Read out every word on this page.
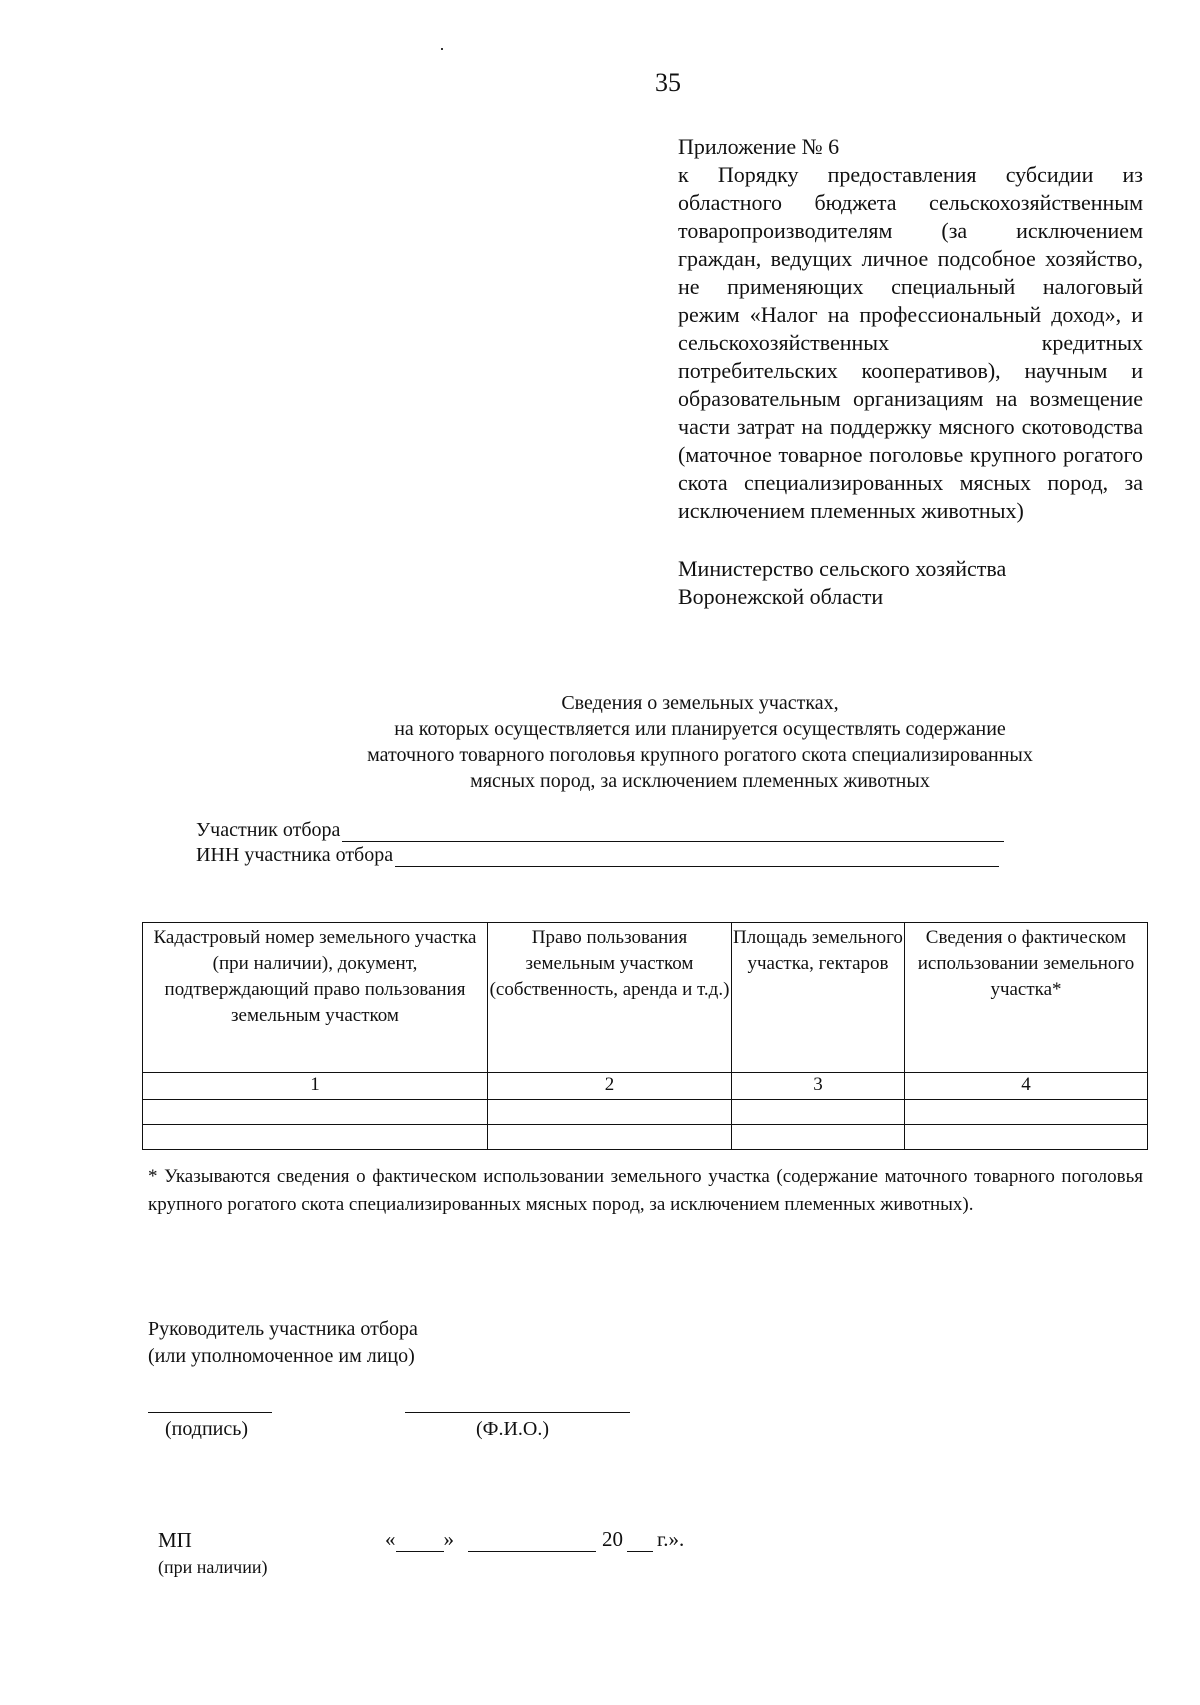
35
Приложение № 6
к Порядку предоставления субсидии из областного бюджета сельскохозяйственным товаропроизводителям (за исключением граждан, ведущих личное подсобное хозяйство, не применяющих специальный налоговый режим «Налог на профессиональный доход», и сельскохозяйственных кредитных потребительских кооперативов), научным и образовательным организациям на возмещение части затрат на поддержку мясного скотоводства (маточное товарное поголовье крупного рогатого скота специализированных мясных пород, за исключением племенных животных)
Министерство сельского хозяйства
Воронежской области
Сведения о земельных участках,
на которых осуществляется или планируется осуществлять содержание
маточного товарного поголовья крупного рогатого скота специализированных
мясных пород, за исключением племенных животных
Участник отбора
ИНН участника отбора
Кадастровый номер земельного участка (при наличии), документ, подтверждающий право пользования земельным участком	Право пользования земельным участком (собственность, аренда и т.д.)	Площадь земельного участка, гектаров	Сведения о фактическом использовании земельного участка*
1	2	3	4

* Указываются сведения о фактическом использовании земельного участка (содержание маточного товарного поголовья крупного рогатого скота специализированных мясных пород, за исключением племенных животных).
Руководитель участника отбора
(или уполномоченное им лицо)
(подпись)	(Ф.И.О.)
МП
(при наличии)
« »	20 г.».
